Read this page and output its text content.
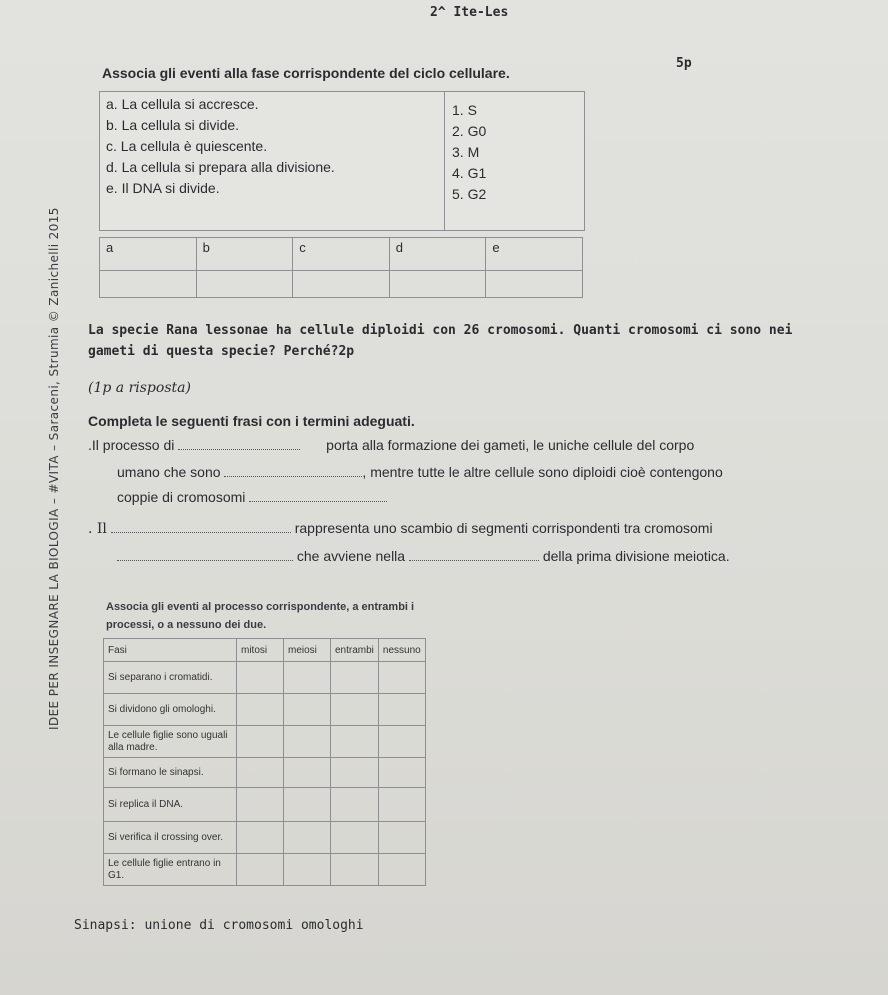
2^ Ite-Les
5p
IDEE PER INSEGNARE LA BIOLOGIA – #VITA – Saraceni, Strumia © Zanichelli 2015
Associa gli eventi alla fase corrispondente del ciclo cellulare.
a. La cellula si accresce.
b. La cellula si divide.
c. La cellula è quiescente.
d. La cellula si prepara alla divisione.
e. Il DNA si divide.
1. S
2. G0
3. M
4. G1
5. G2
a	b	c	d	e

La specie Rana lessonae ha cellule diploidi con 26 cromosomi. Quanti cromosomi ci sono nei gameti di questa specie? Perché?2p
(1p a risposta)
Completa le seguenti frasi con i termini adeguati.
.Il processo di	porta alla formazione dei gameti, le uniche cellule del corpo
umano che sono	, mentre tutte le altre cellule sono diploidi cioè contengono
coppie di cromosomi
. Il	rappresenta uno scambio di segmenti corrispondenti tra cromosomi
che avviene nella	della prima divisione meiotica.
Associa gli eventi al processo corrispondente, a entrambi i
processi, o a nessuno dei due.
Fasi	mitosi	meiosi	entrambi	nessuno
Si separano i cromatidi.				
Si dividono gli omologhi.				
Le cellule figlie sono uguali alla madre.				
Si formano le sinapsi.				
Si replica il DNA.				
Si verifica il crossing over.				
Le cellule figlie entrano in G1.				
Sinapsi: unione di cromosomi omologhi
